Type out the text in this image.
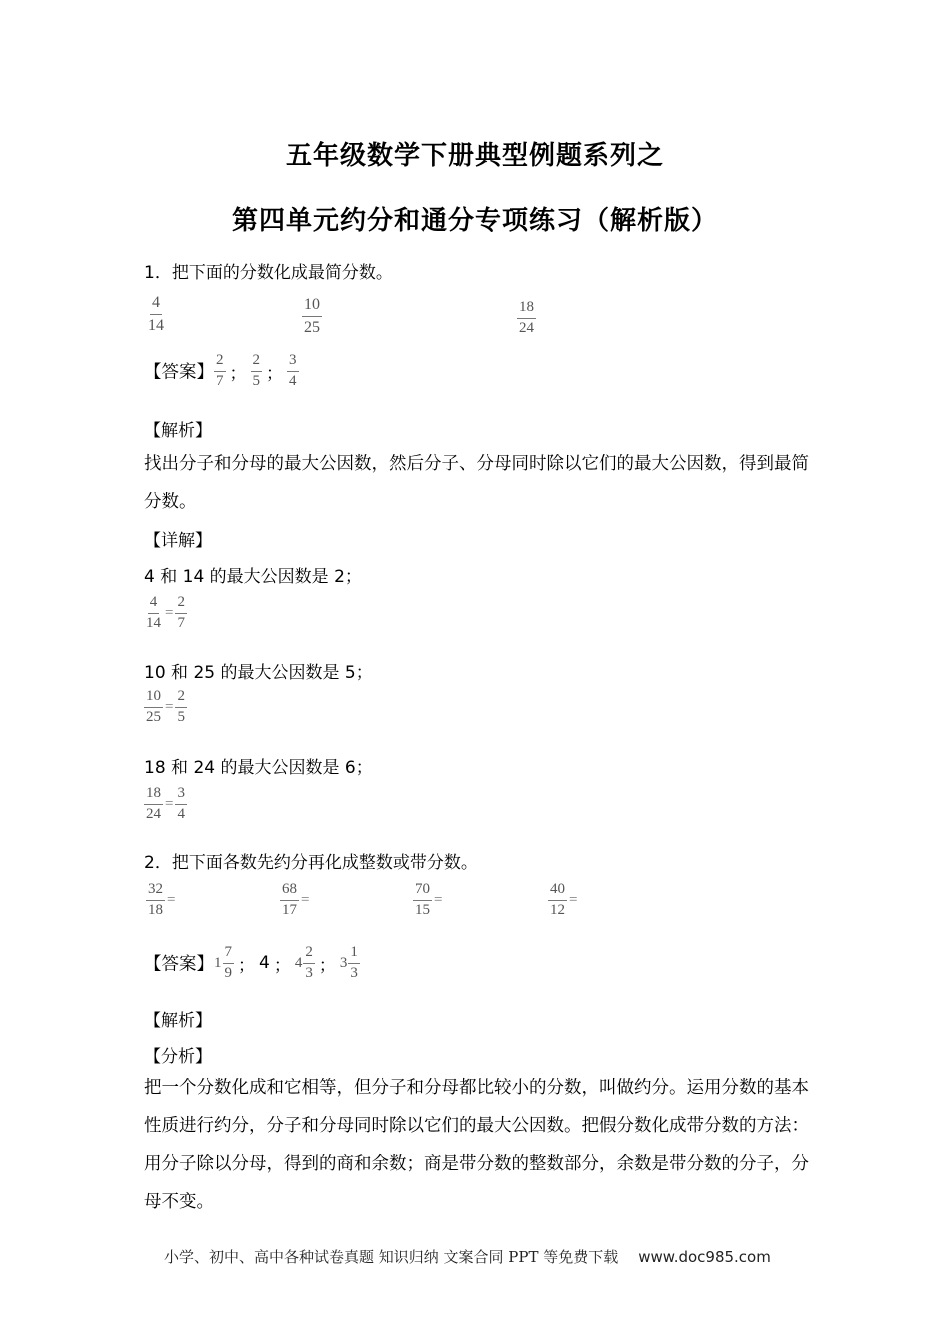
五年级数学下册典型例题系列之
第四单元约分和通分专项练习（解析版）
1．把下面的分数化成最简分数。
$\frac{4}{14}$	$\frac{10}{25}$	$\frac{18}{24}$
【答案】 $\frac{2}{7}$ ； $\frac{2}{5}$ ； $\frac{3}{4}$
【解析】
找出分子和分母的最大公因数，然后分子、分母同时除以它们的最大公因数，得到最简分数。
【详解】
4 和 14 的最大公因数是 2；
$\frac{4}{14} = \frac{2}{7}$
10 和 25 的最大公因数是 5；
$\frac{10}{25} = \frac{2}{5}$
18 和 24 的最大公因数是 6；
$\frac{18}{24} = \frac{3}{4}$
2．把下面各数先约分再化成整数或带分数。
$\frac{32}{18}$ =	$\frac{68}{17}$ =	$\frac{70}{15}$ =	$\frac{40}{12}$ =
【答案】$1 \frac{7}{9}$ ； 4 ； $4 \frac{2}{3}$ ； $3 \frac{1}{3}$
【解析】
【分析】
把一个分数化成和它相等，但分子和分母都比较小的分数，叫做约分。运用分数的基本性质进行约分，分子和分母同时除以它们的最大公因数。把假分数化成带分数的方法：用分子除以分母，得到的商和余数；商是带分数的整数部分，余数是带分数的分子，分母不变。
小学、初中、高中各种试卷真题 知识归纳 文案合同 PPT 等免费下载 www.doc985.com
